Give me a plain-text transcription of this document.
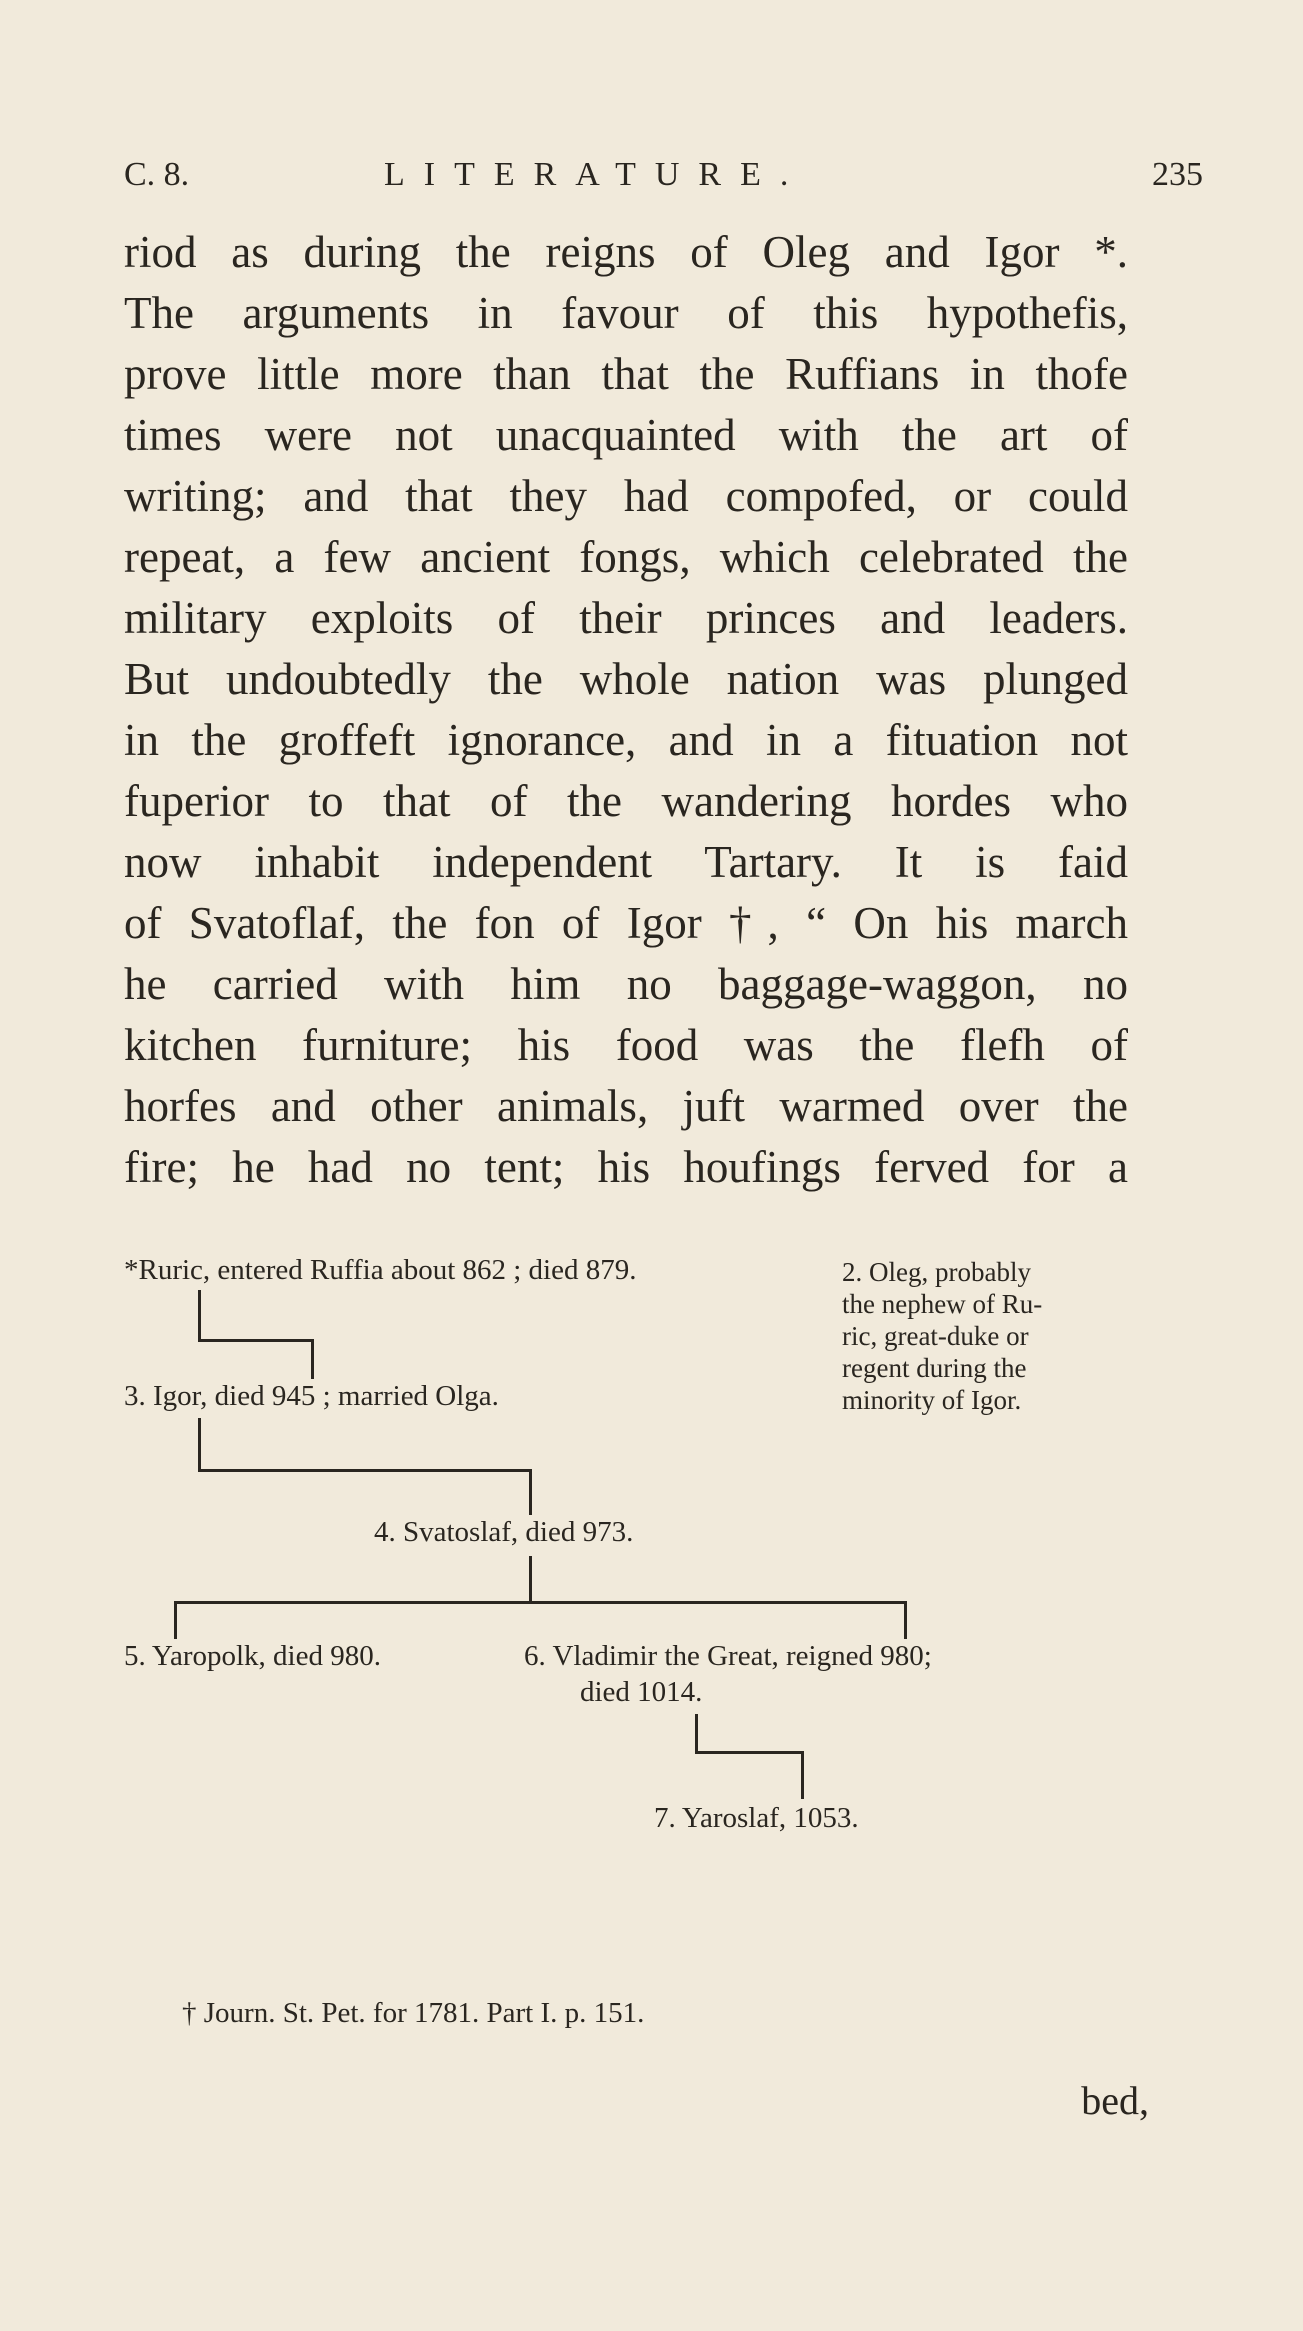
C. 8.	LITERATURE.	235
riod as during the reigns of Oleg and Igor *.
The arguments in favour of this hypothefis,
prove little more than that the Ruffians in thofe
times were not unacquainted with the art of
writing; and that they had compofed, or could
repeat, a few ancient fongs, which celebrated the
military exploits of their princes and leaders.
But undoubtedly the whole nation was plunged
in the groffeft ignorance, and in a fituation not
fuperior to that of the wandering hordes who
now inhabit independent Tartary. It is faid
of Svatoflaf, the fon of Igor †, “ On his march
he carried with him no baggage-waggon, no
kitchen furniture; his food was the flefh of
horfes and other animals, juft warmed over the
fire; he had no tent; his houfings ferved for a
*Ruric, entered Ruffia about 862 ; died 879.	2. Oleg, probably
the nephew of Ru-
ric, great-duke or
regent during the
minority of Igor.
3. Igor, died 945 ; married Olga.
4. Svatoslaf, died 973.
5. Yaropolk, died 980.	6. Vladimir the Great, reigned 980;
died 1014.
7. Yaroslaf, 1053.
† Journ. St. Pet. for 1781. Part I. p. 151.
bed,
